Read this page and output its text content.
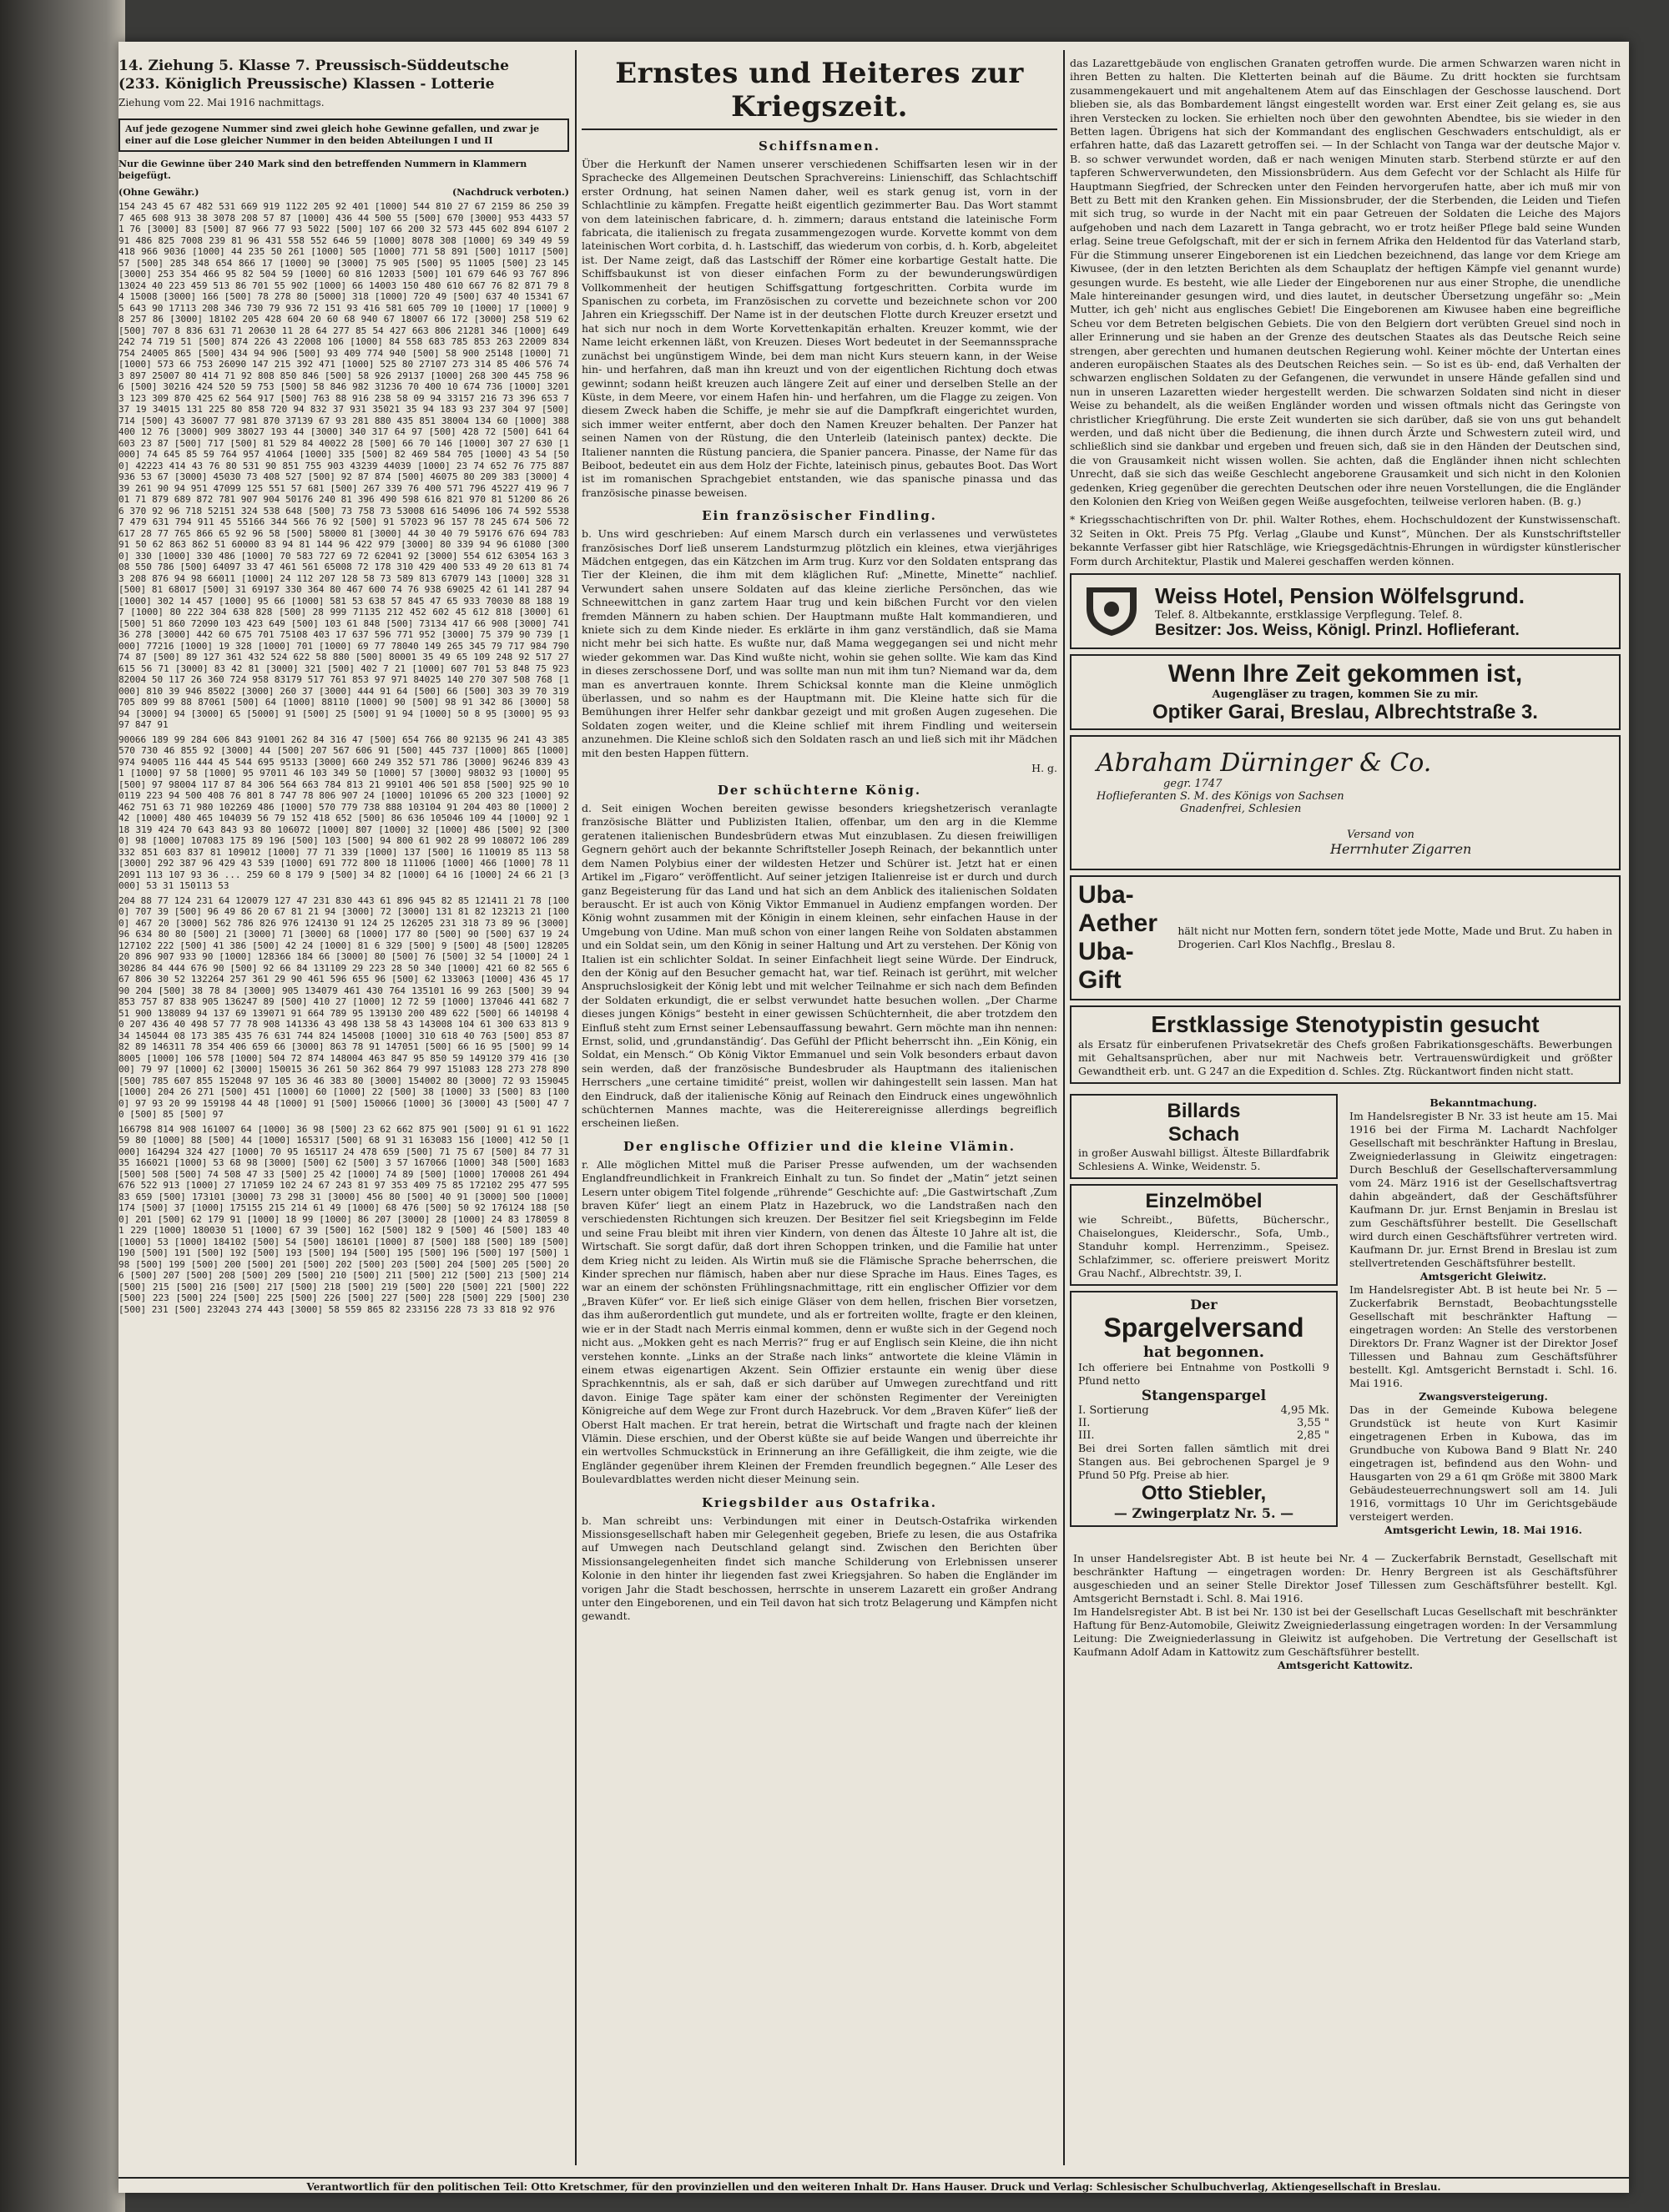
14. Ziehung 5. Klasse 7. Preussisch-Süddeutsche
(233. Königlich Preussische) Klassen - Lotterie
Ziehung vom 22. Mai 1916 nachmittags.
Auf jede gezogene Nummer sind zwei gleich hohe Gewinne gefallen, und zwar je einer auf die Lose gleicher Nummer in den beiden Abteilungen I und II
Nur die Gewinne über 240 Mark sind den betreffenden Nummern in Klammern beigefügt.
(Ohne Gewähr.)	(Nachdruck verboten.)
154 243 45 67 482 531 669 919 1122 205 92 401 [1000] 544 810 27 67 2159 86 250 397 465 608 913 38 3078 208 57 87 [1000] 436 44 500 55 [500] 670 [3000] 953 4433 571 76 [3000] 83 [500] 87 966 77 93 5022 [500] 107 66 200 32 573 445 602 894 6107 291 486 825 7008 239 81 96 431 558 552 646 59 [1000] 8078 308 [1000] 69 349 49 59 418 966 9036 [1000] 44 235 50 261 [1000] 505 [1000] 771 58 891 [500] 10117 [500] 57 [500] 285 348 654 866 17 [1000] 90 [3000] 75 905 [500] 95 11005 [500] 23 145 [3000] 253 354 466 95 82 504 59 [1000] 60 816 12033 [500] 101 679 646 93 767 896 13024 40 223 459 513 86 701 55 902 [1000] 66 14003 150 480 610 667 76 82 871 79 84 15008 [3000] 166 [500] 78 278 80 [5000] 318 [1000] 720 49 [500] 637 40 15341 675 643 90 17113 208 346 730 79 936 72 151 93 416 581 605 709 10 [1000] 17 [1000] 98 257 86 [3000] 18102 205 428 604 20 60 68 940 67 18007 66 172 [3000] 258 519 62 [500] 707 8 836 631 71 20630 11 28 64 277 85 54 427 663 806 21281 346 [1000] 649 242 74 719 51 [500] 874 226 43 22008 106 [1000] 84 558 683 785 853 263 22009 834 754 24005 865 [500] 434 94 906 [500] 93 409 774 940 [500] 58 900 25148 [1000] 71 [1000] 573 66 753 26090 147 215 392 471 [1000] 525 80 27107 273 314 85 406 576 743 897 25007 80 414 71 92 808 850 846 [500] 58 926 29137 [1000] 268 300 445 758 966 [500] 30216 424 520 59 753 [500] 58 846 982 31236 70 400 10 674 736 [1000] 32013 123 309 870 425 62 564 917 [500] 763 88 916 238 58 09 94 33157 216 73 396 653 737 19 34015 131 225 80 858 720 94 832 37 931 35021 35 94 183 93 237 304 97 [500] 714 [500] 43 36007 77 981 870 37139 67 93 281 880 435 851 38004 134 60 [1000] 388 400 12 76 [3000] 909 38027 193 44 [3000] 340 317 64 97 [500] 428 72 [500] 641 64 603 23 87 [500] 717 [500] 81 529 84 40022 28 [500] 66 70 146 [1000] 307 27 630 [1000] 74 645 85 59 764 957 41064 [1000] 335 [500] 82 469 584 705 [1000] 43 54 [500] 42223 414 43 76 80 531 90 851 755 903 43239 44039 [1000] 23 74 652 76 775 887 936 53 67 [3000] 45030 73 408 527 [500] 92 87 874 [500] 46075 80 209 383 [3000] 439 261 90 94 951 47099 125 551 57 681 [500] 267 339 76 400 571 796 45227 419 96 701 71 879 689 872 781 907 904 50176 240 81 396 490 598 616 821 970 81 51200 86 266 370 92 96 718 52151 324 538 648 [500] 73 758 73 53008 616 54096 106 74 592 55387 479 631 794 911 45 55166 344 566 76 92 [500] 91 57023 96 157 78 245 674 506 72 617 28 77 765 866 65 92 96 58 [500] 58000 81 [3000] 44 30 40 79 59176 676 694 783 91 50 62 863 862 51 60000 83 94 81 144 96 422 979 [3000] 80 339 94 96 61080 [3000] 330 [1000] 330 486 [1000] 70 583 727 69 72 62041 92 [3000] 554 612 63054 163 308 550 786 [500] 64097 33 47 461 561 65008 72 178 310 429 400 533 49 20 613 81 743 208 876 94 98 66011 [1000] 24 112 207 128 58 73 589 813 67079 143 [1000] 328 31 [500] 81 68017 [500] 31 69197 330 364 80 467 600 74 76 938 69025 42 61 141 287 94 [1000] 302 14 457 [1000] 95 66 [1000] 581 53 638 57 845 47 65 933 70030 88 188 197 [1000] 80 222 304 638 828 [500] 28 999 71135 212 452 602 45 612 818 [3000] 61 [500] 51 860 72090 103 423 649 [500] 103 61 848 [500] 73134 417 66 908 [3000] 74136 278 [3000] 442 60 675 701 75108 403 17 637 596 771 952 [3000] 75 379 90 739 [1000] 77216 [1000] 19 328 [1000] 701 [1000] 69 77 78040 149 265 345 79 717 984 79074 87 [500] 89 127 361 432 524 622 58 880 [500] 80001 35 49 65 109 248 92 517 27 615 56 71 [3000] 83 42 81 [3000] 321 [500] 402 7 21 [1000] 607 701 53 848 75 923 82004 50 117 26 360 724 958 83179 517 761 853 97 971 84025 140 270 307 508 768 [1000] 810 39 946 85022 [3000] 260 37 [3000] 444 91 64 [500] 66 [500] 303 39 70 319 705 809 99 88 87061 [500] 64 [1000] 88110 [1000] 90 [500] 98 91 342 86 [3000] 58 94 [3000] 94 [3000] 65 [5000] 91 [500] 25 [500] 91 94 [1000] 50 8 95 [3000] 95 93 97 847 91
90066 189 99 284 606 843 91001 262 84 316 47 [500] 654 766 80 92135 96 241 43 385 570 730 46 855 92 [3000] 44 [500] 207 567 606 91 [500] 445 737 [1000] 865 [1000] 974 94005 116 444 45 544 695 95133 [3000] 660 249 352 571 786 [3000] 96246 839 431 [1000] 97 58 [1000] 95 97011 46 103 349 50 [1000] 57 [3000] 98032 93 [1000] 95 [500] 97 98004 117 87 84 306 564 663 784 813 21 99101 406 501 858 [500] 925 90 100119 223 94 500 408 76 801 8 747 78 806 907 24 [1000] 101096 65 200 323 [1000] 92 462 751 63 71 980 102269 486 [1000] 570 779 738 888 103104 91 204 403 80 [1000] 242 [1000] 480 465 104039 56 79 152 418 652 [500] 86 636 105046 109 44 [1000] 92 118 319 424 70 643 843 93 80 106072 [1000] 807 [1000] 32 [1000] 486 [500] 92 [3000] 98 [1000] 107083 175 89 196 [500] 103 [500] 94 800 61 902 28 99 108072 106 289 332 851 603 837 81 109012 [1000] 77 71 339 [1000] 137 [500] 16 110019 85 113 58 [3000] 292 387 96 429 43 539 [1000] 691 772 800 18 111006 [1000] 466 [1000] 78 112091 113 107 93 36 ... 259 60 8 179 9 [500] 34 82 [1000] 64 16 [1000] 24 66 21 [3000] 53 31 150113 53
204 88 77 124 231 64 120079 127 47 231 830 443 61 896 945 82 85 121411 21 78 [1000] 707 39 [500] 96 49 86 20 67 81 21 94 [3000] 72 [3000] 131 81 82 123213 21 [1000] 467 20 [3000] 562 786 826 976 124130 91 124 25 126205 231 318 73 89 96 [3000] 96 634 80 80 [500] 21 [3000] 71 [3000] 68 [1000] 177 80 [500] 90 [500] 637 19 24 127102 222 [500] 41 386 [500] 42 24 [1000] 81 6 329 [500] 9 [500] 48 [500] 128205 20 896 907 933 90 [1000] 128366 184 66 [3000] 80 [500] 76 [500] 32 54 [1000] 24 130286 84 444 676 90 [500] 92 66 84 131109 29 223 28 50 340 [1000] 421 60 82 565 667 806 30 52 132264 257 361 29 90 461 596 655 96 [500] 62 133063 [1000] 436 45 17 90 204 [500] 38 78 84 [3000] 905 134079 461 430 764 135101 16 99 263 [500] 39 94 853 757 87 838 905 136247 89 [500] 410 27 [1000] 12 72 59 [1000] 137046 441 682 751 900 138089 94 137 69 139071 91 664 789 95 139130 200 489 622 [500] 66 140198 40 207 436 40 498 57 77 78 908 141336 43 498 138 58 43 143008 104 61 300 633 813 934 145044 08 173 385 435 76 631 744 824 145008 [1000] 310 618 40 763 [500] 853 87 82 89 146311 78 354 406 659 66 [3000] 863 78 91 147051 [500] 66 16 95 [500] 99 148005 [1000] 106 578 [1000] 504 72 874 148004 463 847 95 850 59 149120 379 416 [3000] 79 97 [1000] 62 [3000] 150015 36 261 50 362 864 79 997 151083 128 273 278 890 [500] 785 607 855 152048 97 105 36 46 383 80 [3000] 154002 80 [3000] 72 93 159045 [1000] 204 26 271 [500] 451 [1000] 60 [1000] 22 [500] 38 [1000] 33 [500] 83 [1000] 97 93 20 99 159198 44 48 [1000] 91 [500] 150066 [1000] 36 [3000] 43 [500] 47 70 [500] 85 [500] 97
166798 814 908 161007 64 [1000] 36 98 [500] 23 62 662 875 901 [500] 91 61 91 162259 80 [1000] 88 [500] 44 [1000] 165317 [500] 68 91 31 163083 156 [1000] 412 50 [1000] 164294 324 427 [1000] 70 95 165117 24 478 659 [500] 71 75 67 [500] 84 77 31 35 166021 [1000] 53 68 98 [3000] [500] 62 [500] 3 57 167066 [1000] 348 [500] 1683 [500] 508 [500] 74 508 47 33 [500] 25 42 [1000] 74 89 [500] [1000] 170008 261 494 676 522 913 [1000] 27 171059 102 24 67 243 81 97 353 409 75 85 172102 295 477 595 83 659 [500] 173101 [3000] 73 298 31 [3000] 456 80 [500] 40 91 [3000] 500 [1000] 174 [500] 37 [1000] 175155 215 214 61 49 [1000] 68 476 [500] 50 92 176124 188 [500] 201 [500] 62 179 91 [1000] 18 99 [1000] 86 207 [3000] 28 [1000] 24 83 178059 81 229 [1000] 180030 51 [1000] 67 39 [500] 162 [500] 182 9 [500] 46 [500] 183 40 [1000] 53 [1000] 184102 [500] 54 [500] 186101 [1000] 87 [500] 188 [500] 189 [500] 190 [500] 191 [500] 192 [500] 193 [500] 194 [500] 195 [500] 196 [500] 197 [500] 198 [500] 199 [500] 200 [500] 201 [500] 202 [500] 203 [500] 204 [500] 205 [500] 206 [500] 207 [500] 208 [500] 209 [500] 210 [500] 211 [500] 212 [500] 213 [500] 214 [500] 215 [500] 216 [500] 217 [500] 218 [500] 219 [500] 220 [500] 221 [500] 222 [500] 223 [500] 224 [500] 225 [500] 226 [500] 227 [500] 228 [500] 229 [500] 230 [500] 231 [500] 232043 274 443 [3000] 58 559 865 82 233156 228 73 33 818 92 976
Ernstes und Heiteres zur Kriegszeit.
Schiffsnamen.

Über die Herkunft der Namen unserer verschiedenen Schiffsarten lesen wir in der Sprachecke des Allgemeinen Deutschen Sprachvereins: Linienschiff, das Schlachtschiff erster Ordnung, hat seinen Namen daher, weil es stark genug ist, vorn in der Schlachtlinie zu kämpfen. Fregatte heißt eigentlich gezimmerter Bau. Das Wort stammt von dem lateinischen fabricare, d. h. zimmern; daraus entstand die lateinische Form fabricata, die italienisch zu fregata zusammengezogen wurde. Korvette kommt von dem lateinischen Wort corbita, d. h. Lastschiff, das wiederum von corbis, d. h. Korb, abgeleitet ist. Der Name zeigt, daß das Lastschiff der Römer eine korbartige Gestalt hatte. Die Schiffsbaukunst ist von dieser einfachen Form zu der bewunderungswürdigen Vollkommenheit der heutigen Schiffsgattung fortgeschritten. Corbita wurde im Spanischen zu corbeta, im Französischen zu corvette und bezeichnete schon vor 200 Jahren ein Kriegsschiff. Der Name ist in der deutschen Flotte durch Kreuzer ersetzt und hat sich nur noch in dem Worte Korvettenkapitän erhalten. Kreuzer kommt, wie der Name leicht erkennen läßt, von Kreuzen. Dieses Wort bedeutet in der Seemannssprache zunächst bei ungünstigem Winde, bei dem man nicht Kurs steuern kann, in der Weise hin- und herfahren, daß man ihn kreuzt und von der eigentlichen Richtung doch etwas gewinnt; sodann heißt kreuzen auch längere Zeit auf einer und derselben Stelle an der Küste, in dem Meere, vor einem Hafen hin- und herfahren, um die Flagge zu zeigen. Von diesem Zweck haben die Schiffe, je mehr sie auf die Dampfkraft eingerichtet wurden, sich immer weiter entfernt, aber doch den Namen Kreuzer behalten. Der Panzer hat seinen Namen von der Rüstung, die den Unterleib (lateinisch pantex) deckte. Die Italiener nannten die Rüstung panciera, die Spanier pancera. Pinasse, der Name für das Beiboot, bedeutet ein aus dem Holz der Fichte, lateinisch pinus, gebautes Boot. Das Wort ist im romanischen Sprachgebiet entstanden, wie das spanische pinassa und das französische pinasse beweisen.

Ein französischer Findling.

b. Uns wird geschrieben: Auf einem Marsch durch ein verlassenes und verwüstetes französisches Dorf ließ unserem Landsturmzug plötzlich ein kleines, etwa vierjähriges Mädchen entgegen, das ein Kätzchen im Arm trug. Kurz vor den Soldaten entsprang das Tier der Kleinen, die ihm mit dem kläglichen Ruf: „Minette, Minette“ nachlief. Verwundert sahen unsere Soldaten auf das kleine zierliche Persönchen, das wie Schneewittchen in ganz zartem Haar trug und kein bißchen Furcht vor den vielen fremden Männern zu haben schien. Der Hauptmann mußte Halt kommandieren, und kniete sich zu dem Kinde nieder. Es erklärte in ihm ganz verständlich, daß sie Mama nicht mehr bei sich hatte. Es wußte nur, daß Mama weggegangen sei und nicht mehr wieder gekommen war. Das Kind wußte nicht, wohin sie gehen sollte. Wie kam das Kind in dieses zerschossene Dorf, und was sollte man nun mit ihm tun? Niemand war da, dem man es anvertrauen konnte. Ihrem Schicksal konnte man die Kleine unmöglich überlassen, und so nahm es der Hauptmann mit. Die Kleine hatte sich für die Bemühungen ihrer Helfer sehr dankbar gezeigt und mit großen Augen zugesehen. Die Soldaten zogen weiter, und die Kleine schlief mit ihrem Findling und weitersein anzunehmen. Die Kleine schloß sich den Soldaten rasch an und ließ sich mit ihr Mädchen mit den besten Happen füttern.

H. g.
Der schüchterne König.

d. Seit einigen Wochen bereiten gewisse besonders kriegshetzerisch veranlagte französische Blätter und Publizisten Italien, offenbar, um den arg in die Klemme geratenen italienischen Bundesbrüdern etwas Mut einzublasen. Zu diesen freiwilligen Gegnern gehört auch der bekannte Schriftsteller Joseph Reinach, der bekanntlich unter dem Namen Polybius einer der wildesten Hetzer und Schürer ist. Jetzt hat er einen Artikel im „Figaro“ veröffentlicht. Auf seiner jetzigen Italienreise ist er durch und durch ganz Begeisterung für das Land und hat sich an dem Anblick des italienischen Soldaten berauscht. Er ist auch von König Viktor Emmanuel in Audienz empfangen worden. Der König wohnt zusammen mit der Königin in einem kleinen, sehr einfachen Hause in der Umgebung von Udine. Man muß schon von einer langen Reihe von Soldaten abstammen und ein Soldat sein, um den König in seiner Haltung und Art zu verstehen. Der König von Italien ist ein schlichter Soldat. In seiner Einfachheit liegt seine Würde. Der Eindruck, den der König auf den Besucher gemacht hat, war tief. Reinach ist gerührt, mit welcher Anspruchslosigkeit der König lebt und mit welcher Teilnahme er sich nach dem Befinden der Soldaten erkundigt, die er selbst verwundet hatte besuchen wollen. „Der Charme dieses jungen Königs“ besteht in einer gewissen Schüchternheit, die aber trotzdem den Einfluß steht zum Ernst seiner Lebensauffassung bewahrt. Gern möchte man ihn nennen: Ernst, solid, und ‚grundanständig‘. Das Gefühl der Pflicht beherrscht ihn. „Ein König, ein Soldat, ein Mensch.“ Ob König Viktor Emmanuel und sein Volk besonders erbaut davon sein werden, daß der französische Bundesbruder als Hauptmann des italienischen Herrschers „une certaine timidité“ preist, wollen wir dahingestellt sein lassen. Man hat den Eindruck, daß der italienische König auf Reinach den Eindruck eines ungewöhnlich schüchternen Mannes machte, was die Heiterereignisse allerdings begreiflich erscheinen ließen.

Der englische Offizier und die kleine Vlämin.

r. Alle möglichen Mittel muß die Pariser Presse aufwenden, um der wachsenden Englandfreundlichkeit in Frankreich Einhalt zu tun. So findet der „Matin“ jetzt seinen Lesern unter obigem Titel folgende „rührende“ Geschichte auf: „Die Gastwirtschaft ‚Zum braven Küfer‘ liegt an einem Platz in Hazebruck, wo die Landstraßen nach den verschiedensten Richtungen sich kreuzen. Der Besitzer fiel seit Kriegsbeginn im Felde und seine Frau bleibt mit ihren vier Kindern, von denen das Älteste 10 Jahre alt ist, die Wirtschaft. Sie sorgt dafür, daß dort ihren Schoppen trinken, und die Familie hat unter dem Krieg nicht zu leiden. Als Wirtin muß sie die Flämische Sprache beherrschen, die Kinder sprechen nur flämisch, haben aber nur diese Sprache im Haus. Eines Tages, es war an einem der schönsten Frühlingsnachmittage, ritt ein englischer Offizier vor dem „Braven Küfer“ vor. Er ließ sich einige Gläser von dem hellen, frischen Bier vorsetzen, das ihm außerordentlich gut mundete, und als er fortreiten wollte, fragte er den kleinen, wie er in der Stadt nach Merris einmal kommen, denn er wußte sich in der Gegend noch nicht aus. „Mokken geht es nach Merris?“ frug er auf Englisch sein Kleine, die ihn nicht verstehen konnte. „Links an der Straße nach links“ antwortete die kleine Vlämin in einem etwas eigenartigen Akzent. Sein Offizier erstaunte ein wenig über diese Sprachkenntnis, als er sah, daß er sich darüber auf Umwegen zurechtfand und ritt davon. Einige Tage später kam einer der schönsten Regimenter der Vereinigten Königreiche auf dem Wege zur Front durch Hazebruck. Vor dem „Braven Küfer“ ließ der Oberst Halt machen. Er trat herein, betrat die Wirtschaft und fragte nach der kleinen Vlämin. Diese erschien, und der Oberst küßte sie auf beide Wangen und überreichte ihr ein wertvolles Schmuckstück in Erinnerung an ihre Gefälligkeit, die ihm zeigte, wie die Engländer gegenüber ihrem Kleinen der Fremden freundlich begegnen.“ Alle Leser des Boulevardblattes werden nicht dieser Meinung sein.

Kriegsbilder aus Ostafrika.

b. Man schreibt uns: Verbindungen mit einer in Deutsch-Ostafrika wirkenden Missionsgesellschaft haben mir Gelegenheit gegeben, Briefe zu lesen, die aus Ostafrika auf Umwegen nach Deutschland gelangt sind. Zwischen den Berichten über Missionsangelegenheiten findet sich manche Schilderung von Erlebnissen unserer Kolonie in den hinter ihr liegenden fast zwei Kriegsjahren. So haben die Engländer im vorigen Jahr die Stadt beschossen, herrschte in unserem Lazarett ein großer Andrang unter den Eingeborenen, und ein Teil davon hat sich trotz Belagerung und Kämpfen nicht gewandt.

das Lazarettgebäude von englischen Granaten getroffen wurde. Die armen Schwarzen waren nicht in ihren Betten zu halten. Die Kletterten beinah auf die Bäume. Zu dritt hockten sie furchtsam zusammengekauert und mit angehaltenem Atem auf das Einschlagen der Geschosse lauschend. Dort blieben sie, als das Bombardement längst eingestellt worden war. Erst einer Zeit gelang es, sie aus ihren Verstecken zu locken. Sie erhielten noch über den gewohnten Abendtee, bis sie wieder in den Betten lagen. Übrigens hat sich der Kommandant des englischen Geschwaders entschuldigt, als er erfahren hatte, daß das Lazarett getroffen sei. — In der Schlacht von Tanga war der deutsche Major v. B. so schwer verwundet worden, daß er nach wenigen Minuten starb. Sterbend stürzte er auf den tapferen Schwerverwundeten, den Missionsbrüdern. Aus dem Gefecht vor der Schlacht als Hilfe für Hauptmann Siegfried, der Schrecken unter den Feinden hervorgerufen hatte, aber ich muß mir von Bett zu Bett mit den Kranken gehen. Ein Missionsbruder, der die Sterbenden, die Leiden und Tiefen mit sich trug, so wurde in der Nacht mit ein paar Getreuen der Soldaten die Leiche des Majors aufgehoben und nach dem Lazarett in Tanga gebracht, wo er trotz heißer Pflege bald seine Wunden erlag. Seine treue Gefolgschaft, mit der er sich in fernem Afrika den Heldentod für das Vaterland starb, Für die Stimmung unserer Eingeborenen ist ein Liedchen bezeichnend, das lange vor dem Kriege am Kiwusee, (der in den letzten Berichten als dem Schauplatz der heftigen Kämpfe viel genannt wurde) gesungen wurde. Es besteht, wie alle Lieder der Eingeborenen nur aus einer Strophe, die unendliche Male hintereinander gesungen wird, und dies lautet, in deutscher Übersetzung ungefähr so: „Mein Mutter, ich geh' nicht aus englisches Gebiet! Die Eingeborenen am Kiwusee haben eine begreifliche Scheu vor dem Betreten belgischen Gebiets. Die von den Belgiern dort verübten Greuel sind noch in aller Erinnerung und sie haben an der Grenze des deutschen Staates als das Deutsche Reich seine strengen, aber gerechten und humanen deutschen Regierung wohl. Keiner möchte der Untertan eines anderen europäischen Staates als des Deutschen Reiches sein. — So ist es üb- end, daß Verhalten der schwarzen englischen Soldaten zu der Gefangenen, die verwundet in unsere Hände gefallen sind und nun in unseren Lazaretten wieder hergestellt werden. Die schwarzen Soldaten sind nicht in dieser Weise zu behandelt, als die weißen Engländer worden und wissen oftmals nicht das Geringste von christlicher Kriegführung. Die erste Zeit wunderten sie sich darüber, daß sie von uns gut behandelt werden, und daß nicht über die Bedienung, die ihnen durch Ärzte und Schwestern zuteil wird, und schließlich sind sie dankbar und ergeben und freuen sich, daß sie in den Händen der Deutschen sind, die von Grausamkeit nicht wissen wollen. Sie achten, daß die Engländer ihnen nicht schlechten Unrecht, daß sie sich das weiße Geschlecht angeborene Grausamkeit und sich nicht in den Kolonien gedenken, Krieg gegenüber die gerechten Deutschen oder ihre neuen Vorstellungen, die die Engländer den Kolonien den Krieg von Weißen gegen Weiße ausgefochten, teilweise verloren haben. (B. g.)

* Kriegsschachtischriften von Dr. phil. Walter Rothes, ehem. Hochschuldozent der Kunstwissenschaft. 32 Seiten in Okt. Preis 75 Pfg. Verlag „Glaube und Kunst“, München. Der als Kunstschriftsteller bekannte Verfasser gibt hier Ratschläge, wie Kriegsgedächtnis-Ehrungen in würdigster künstlerischer Form durch Architektur, Plastik und Malerei geschaffen werden können.

Weiss Hotel, Pension Wölfelsgrund.
Telef. 8. Altbekannte, erstklassige Verpflegung. Telef. 8.
Besitzer: Jos. Weiss, Königl. Prinzl. Hoflieferant.
Wenn Ihre Zeit gekommen ist,
Augengläser zu tragen, kommen Sie zu mir.
Optiker Garai, Breslau, Albrechtstraße 3.
Abraham Dürninger & Co.
gegr. 1747
Hoflieferanten S. M. des Königs von Sachsen
Gnadenfrei, Schlesien
Versand von
Herrnhuter Zigarren
Uba-Aether
Uba-Gift
hält nicht nur Motten fern, sondern tötet jede Motte, Made und Brut. Zu haben in Drogerien. Carl Klos Nachflg., Breslau 8.
Erstklassige Stenotypistin gesucht
als Ersatz für einberufenen Privatsekretär des Chefs großen Fabrikationsgeschäfts. Bewerbungen mit Gehaltsansprüchen, aber nur mit Nachweis betr. Vertrauenswürdigkeit und größter Gewandtheit erb. unt. G 247 an die Expedition d. Schles. Ztg. Rückantwort finden nicht statt.
Billards
Schach
in großer Auswahl billigst. Älteste Billardfabrik Schlesiens A. Winke, Weidenstr. 5.
Einzelmöbel
wie Schreibt., Büfetts, Bücherschr., Chaiselongues, Kleiderschr., Sofa, Umb., Standuhr kompl. Herrenzimm., Speisez. Schlafzimmer, sc. offeriere preiswert Moritz Grau Nachf., Albrechtstr. 39, I.
Der
Spargelversand
hat begonnen.
Ich offeriere bei Entnahme von Postkolli 9 Pfund netto
Stangenspargel
I. Sortierung	4,95 Mk.
II.	3,55 "
III.	2,85 "
Bei drei Sorten fallen sämtlich mit drei Stangen aus. Bei gebrochenen Spargel je 9 Pfund 50 Pfg. Preise ab hier.
Otto Stiebler,
— Zwingerplatz Nr. 5. —
Bekanntmachung.
Im Handelsregister B Nr. 33 ist heute am 15. Mai 1916 bei der Firma M. Lachardt Nachfolger Gesellschaft mit beschränkter Haftung in Breslau, Zweigniederlassung in Gleiwitz eingetragen: Durch Beschluß der Gesellschafterversammlung vom 24. März 1916 ist der Gesellschaftsvertrag dahin abgeändert, daß der Geschäftsführer Kaufmann Dr. jur. Ernst Benjamin in Breslau ist zum Geschäftsführer bestellt. Die Gesellschaft wird durch einen Geschäftsführer vertreten wird. Kaufmann Dr. jur. Ernst Brend in Breslau ist zum stellvertretenden Geschäftsführer bestellt.
Amtsgericht Gleiwitz.
Im Handelsregister Abt. B ist heute bei Nr. 5 — Zuckerfabrik Bernstadt, Beobachtungsstelle Gesellschaft mit beschränkter Haftung — eingetragen worden: An Stelle des verstorbenen Direktors Dr. Franz Wagner ist der Direktor Josef Tillessen und Bahnau zum Geschäftsführer bestellt. Kgl. Amtsgericht Bernstadt i. Schl. 16. Mai 1916.
Zwangsversteigerung.
Das in der Gemeinde Kubowa belegene Grundstück ist heute von Kurt Kasimir eingetragenen Erben in Kubowa, das im Grundbuche von Kubowa Band 9 Blatt Nr. 240 eingetragen ist, befindend aus den Wohn- und Hausgarten von 29 a 61 qm Größe mit 3800 Mark Gebäudesteuerrechnungswert soll am 14. Juli 1916, vormittags 10 Uhr im Gerichtsgebäude versteigert werden.
Amtsgericht Lewin, 18. Mai 1916.
In unser Handelsregister Abt. B ist heute bei Nr. 4 — Zuckerfabrik Bernstadt, Gesellschaft mit beschränkter Haftung — eingetragen worden: Dr. Henry Bergreen ist als Geschäftsführer ausgeschieden und an seiner Stelle Direktor Josef Tillessen zum Geschäftsführer bestellt. Kgl. Amtsgericht Bernstadt i. Schl. 8. Mai 1916.
Im Handelsregister Abt. B ist bei Nr. 130 ist bei der Gesellschaft Lucas Gesellschaft mit beschränkter Haftung für Benz-Automobile, Gleiwitz Zweigniederlassung eingetragen worden: In der Versammlung Leitung: Die Zweigniederlassung in Gleiwitz ist aufgehoben. Die Vertretung der Gesellschaft ist Kaufmann Adolf Adam in Kattowitz zum Geschäftsführer bestellt.
Amtsgericht Kattowitz.
Verantwortlich für den politischen Teil: Otto Kretschmer, für den provinziellen und den weiteren Inhalt Dr. Hans Hauser. Druck und Verlag: Schlesischer Schulbuchverlag, Aktiengesellschaft in Breslau.
